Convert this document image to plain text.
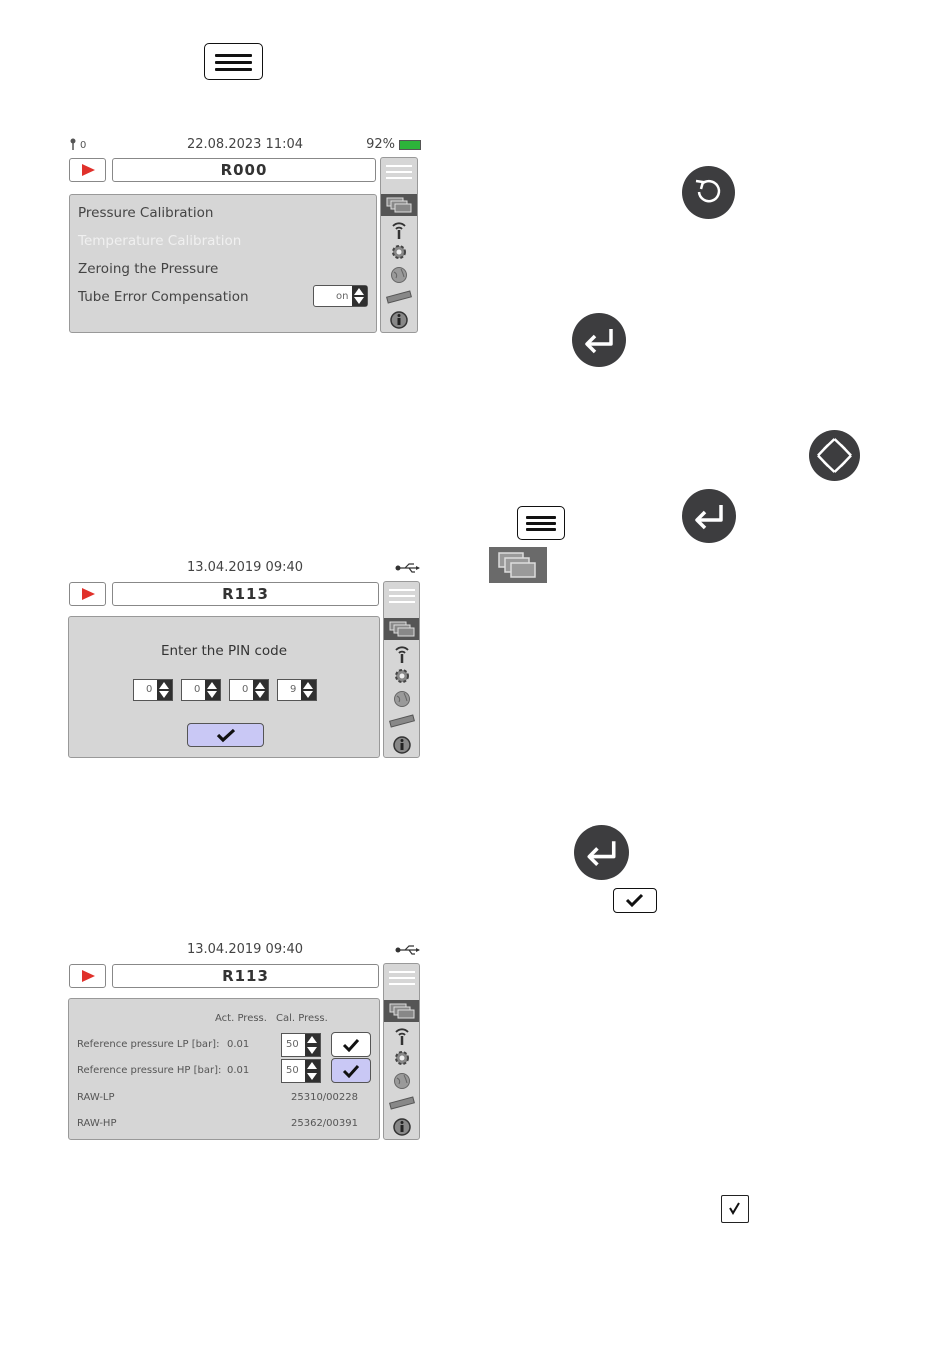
0	22.08.2023 11:04	92%
R000
Pressure Calibration
Temperature Calibration
Zeroing the Pressure
Tube Error Compensation	on
13.04.2019 09:40
R113
Enter the PIN code
0	0	0	9
13.04.2019 09:40
R113
Act. Press. Cal. Press.
Reference pressure LP [bar]: 0.01	50
Reference pressure HP [bar]: 0.01	50
RAW-LP	25310/00228
RAW-HP	25362/00391
